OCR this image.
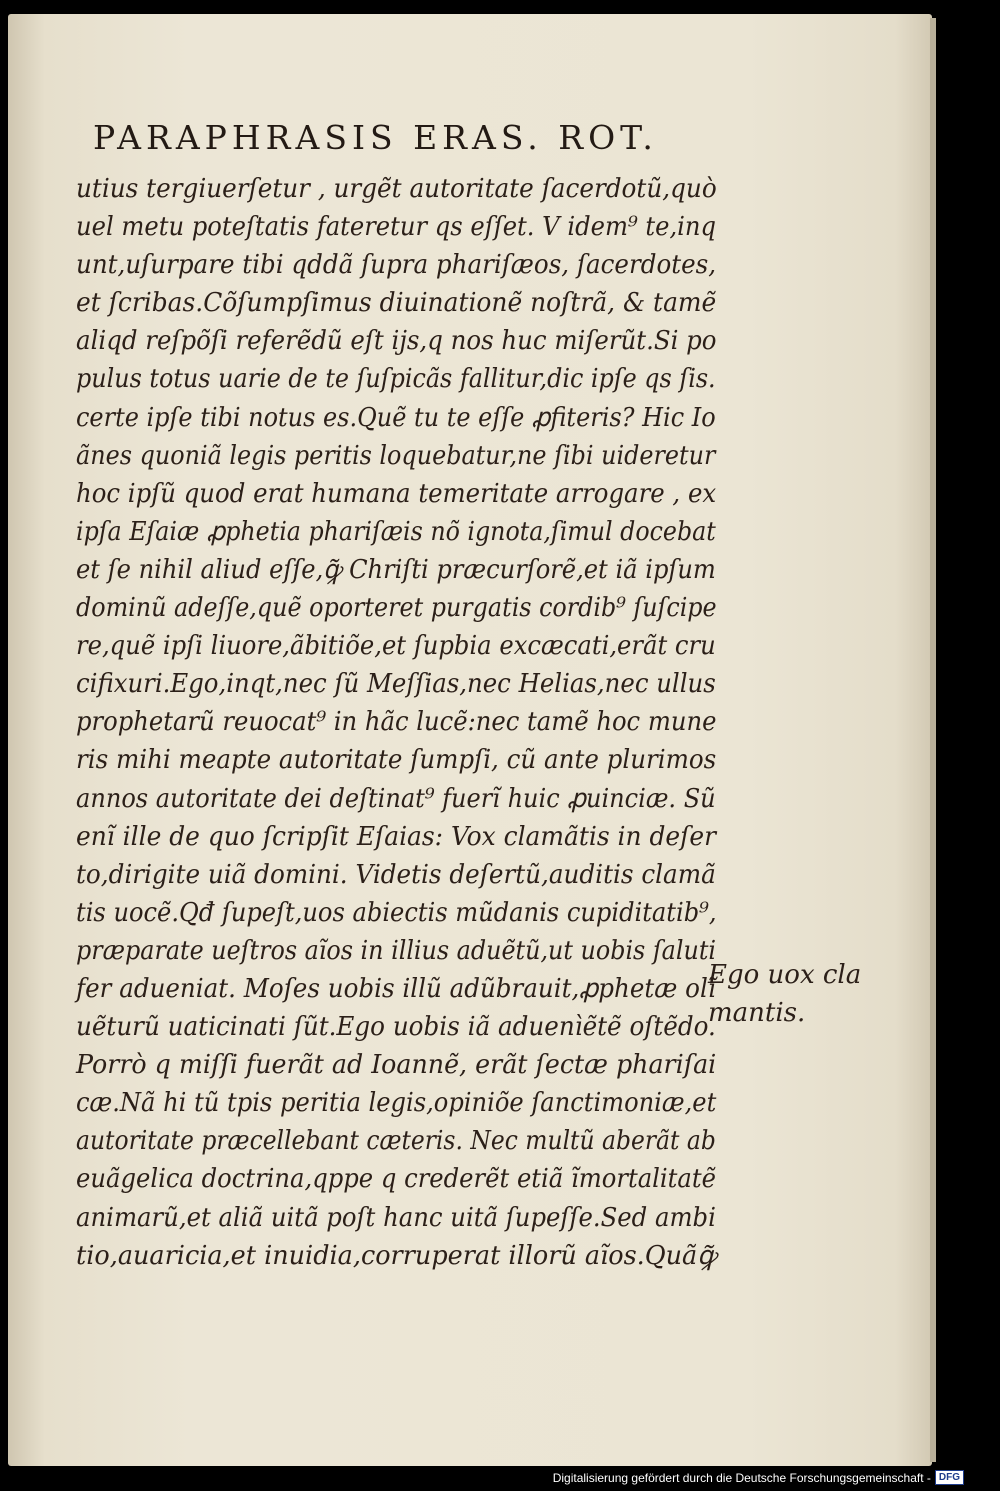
PARAPHRASIS ERAS. ROT.
utius tergiuerſetur , urgẽt autoritate ſacerdotũ,quò
uel metu poteſtatis fateretur qs eſſet. V idem⁹ te,inq
unt,uſurpare tibi qddã ſupra phariſæos, ſacerdotes,
et ſcribas.Cõſumpſimus diuinationẽ noſtrã, & tamẽ
aliqd reſpõſi referẽdũ eſt ijs,q nos huc miſerũt.Si po
pulus totus uarie de te ſuſpicãs fallitur,dic ipſe qs ſis.
certe ipſe tibi notus es.Quẽ tu te eſſe ꝓfiteris? Hic Io
ãnes quoniã legis peritis loquebatur,ne ſibi uideretur
hoc ipſũ quod erat humana temeritate arrogare , ex
ipſa Eſaiæ ꝓphetia phariſæis nõ ignota,ſimul docebat
et ſe nihil aliud eſſe,ꝙ̃ Chriſti præcurſorẽ,et iã ipſum
dominũ adeſſe,quẽ oporteret purgatis cordib⁹ ſuſcipe
re,quẽ ipſi liuore,ãbitiõe,et ſupbia excæcati,erãt cru
cifixuri.Ego,inqt,nec ſũ Meſſias,nec Helias,nec ullus
prophetarũ reuocat⁹ in hãc lucẽ:nec tamẽ hoc mune
ris mihi meapte autoritate ſumpſi, cũ ante plurimos
annos autoritate dei deſtinat⁹ fuerĩ huic ꝓuinciæ. Sũ
enĩ ille de quo ſcripſit Eſaias: Vox clamãtis in deſer
to,dirigite uiã domini. Videtis deſertũ,auditis clamã
tis uocẽ.Qđ ſupeſt,uos abiectis mũdanis cupiditatib⁹,
præparate ueſtros aĩos in illius aduẽtũ,ut uobis ſaluti
fer adueniat. Moſes uobis illũ adũbrauit,ꝓphetæ olĩ
uẽturũ uaticinati ſũt.Ego uobis iã aduenìẽtẽ oſtẽdo.
Porrò q miſſi fuerãt ad Ioannẽ, erãt ſectæ phariſai
cæ.Nã hi tũ tpis peritia legis,opiniõe ſanctimoniæ,et
autoritate præcellebant cæteris. Nec multũ aberãt ab
euãgelica doctrina,qppe q crederẽt etiã ĩmortalitatẽ
animarũ,et aliã uitã poſt hanc uitã ſupeſſe.Sed ambi
tio,auaricia,et inuidia,corruperat illorũ aĩos.Quãꝙ̃
Ego uox cla
mantis.
Digitalisierung gefördert durch die Deutsche Forschungsgemeinschaft - DFG
